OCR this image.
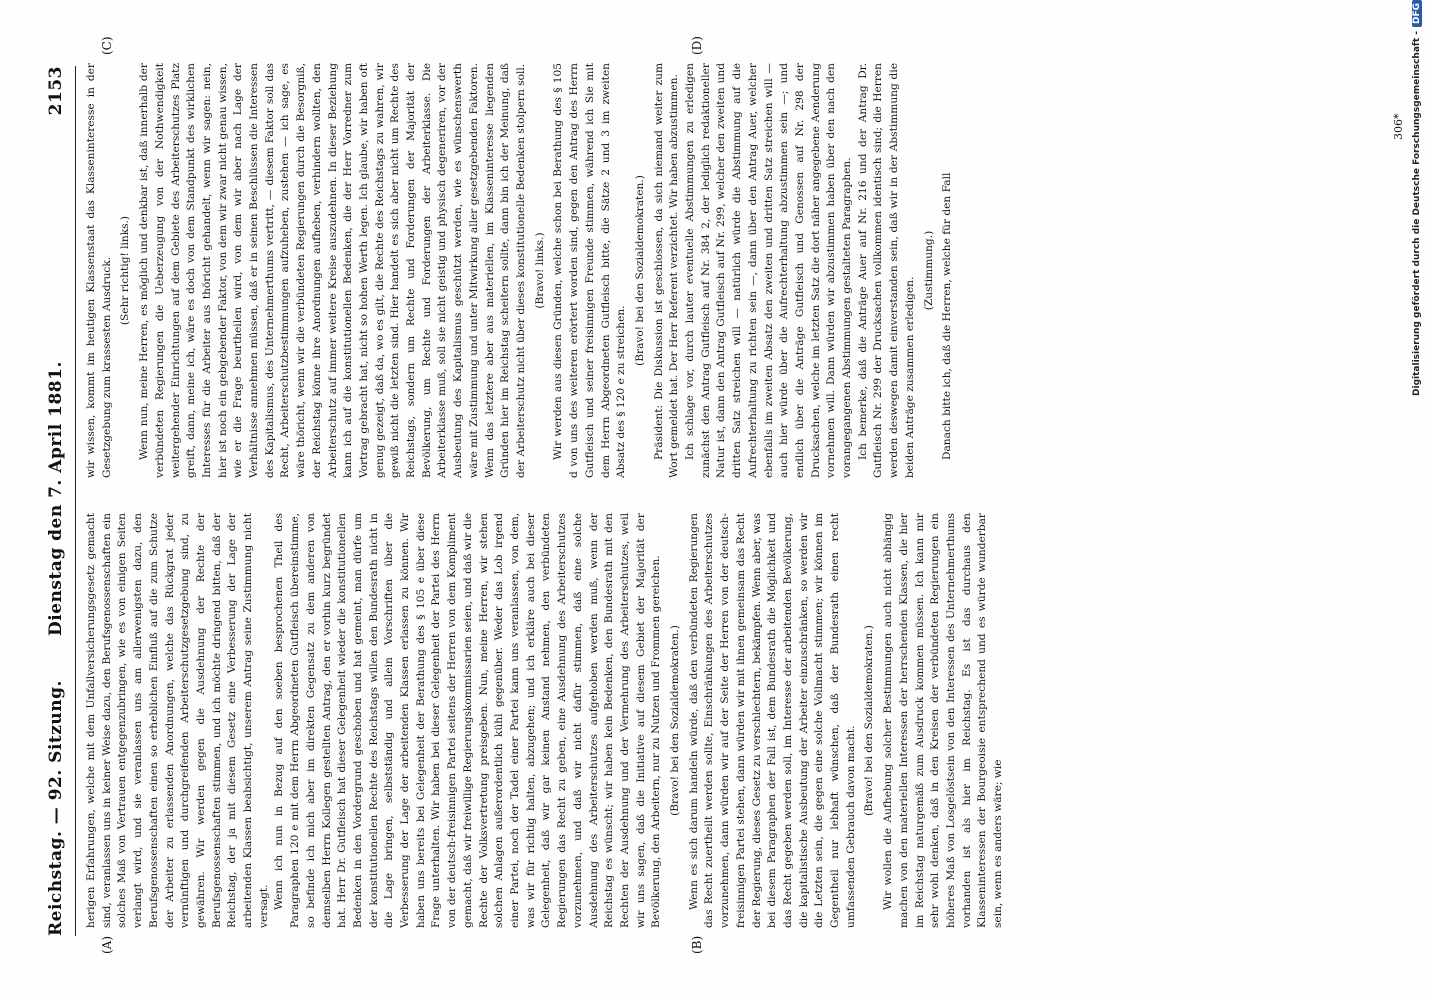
Reichstag. — 92. Sitzung.
Dienstag den 7. April 1881.
2153
(A)	(B)
(C)	(D)

herigen Erfahrungen, welche mit dem Unfallversicherungsgesetz gemacht sind, veranlassen uns in keiner Weise dazu, den Berufsgenossenschaften ein solches Maß von Vertrauen entgegenzubringen, wie es von einigen Seiten verlangt wird, und sie veranlassen uns am allerwenigsten dazu, den Berufsgenossenschaften einen so erheblichen Einfluß auf die zum Schutze der Arbeiter zu erlassenden Anordnungen, welche das Rückgrat jeder vernünftigen und durchgreifenden Arbeiterschutzgesetzgebung sind, zu gewähren. Wir werden gegen die Ausdehnung der Rechte der Berufsgenossenschaften stimmen, und ich möchte dringend bitten, daß der Reichstag, der ja mit diesem Gesetz eine Verbesserung der Lage der arbeitenden Klassen beabsichtigt, unserem Antrag seine Zustimmung nicht versagt. Wenn ich nun in Bezug auf den soeben besprochenen Theil des Paragraphen 120 e mit dem Herrn Abgeordneten Gutfleisch übereinstimme, so befinde ich mich aber im direkten Gegensatz zu dem anderen von demselben Herrn Kollegen gestellten Antrag, den er vorhin kurz begründet hat. Herr Dr. Gutfleisch hat dieser Gelegenheit wieder die konstitutionellen Bedenken in den Vordergrund geschoben und hat gemeint, man dürfe um der konstitutionellen Rechte des Reichstags willen den Bundesrath nicht in die Lage bringen, selbstständig und allein Vorschriften über die Verbesserung der Lage der arbeitenden Klassen erlassen zu können. Wir haben uns bereits bei Gelegenheit der Berathung des § 105 e über diese Frage unterhalten. Wir haben bei dieser Gelegenheit der Partei des Herrn von der deutsch-freisinnigen Partei seitens der Herren von dem Kompliment gemacht, daß wir freiwillige Regierungskommissarien seien, und daß wir die Rechte der Volksvertretung preisgeben. Nun, meine Herren, wir stehen solchen Anlagen außerordentlich kühl gegenüber. Weder das Lob irgend einer Partei, noch der Tadel einer Partei kann uns veranlassen, von dem, was wir für richtig halten, abzugehen; und ich erkläre auch bei dieser Gelegenheit, daß wir gar keinen Anstand nehmen, den verbündeten Regierungen das Recht zu geben, eine Ausdehnung des Arbeiterschutzes vorzunehmen, und daß wir nicht dafür stimmen, daß eine solche Ausdehnung des Arbeiterschutzes aufgehoben werden muß, wenn der Reichstag es wünscht; wir haben kein Bedenken, den Bundesrath mit den Rechten der Ausdehnung und der Vermehrung des Arbeiterschutzes, weil wir uns sagen, daß die Initiative auf diesem Gebiet der Majorität der Bevölkerung, den Arbeitern, nur zu Nutzen und Frommen gereichen. (Bravo! bei den Sozialdemokraten.) Wenn es sich darum handeln würde, daß den verbündeten Regierungen das Recht zuertheilt werden sollte, Einschränkungen des Arbeiterschutzes vorzunehmen, dann würden wir auf der Seite der Herren von der deutsch-freisinnigen Partei stehen, dann würden wir mit ihnen gemeinsam das Recht der Regierung, dieses Gesetz zu verschlechtern, bekämpfen. Wenn aber, was bei diesem Paragraphen der Fall ist, dem Bundesrath die Möglichkeit und das Recht gegeben werden soll, im Interesse der arbeitenden Bevölkerung, die kapitalistische Ausbeutung der Arbeiter einzuschränken, so werden wir die Letzten sein, die gegen eine solche Vollmacht stimmen; wir können im Gegentheil nur lebhaft wünschen, daß der Bundesrath einen recht umfassenden Gebrauch davon macht.

(Bravo! bei den Sozialdemokraten.) Wir wollen die Aufhebung solcher Bestimmungen auch nicht abhängig machen von den materiellen Interessen der herrschenden Klassen, die hier im Reichstag naturgemäß zum Ausdruck kommen müssen. Ich kann mir sehr wohl denken, daß in den Kreisen der verbündeten Regierungen ein höheres Maß von Losgelöstsein von den Interessen des Unternehmerthums vorhanden ist als hier im Reichstag. Es ist das durchaus den Klasseninteressen der Bourgeoisie entsprechend und es würde wunderbar sein, wenn es anders wäre; wie

wir wissen, kommt im heutigen Klassenstaat das Klasseninteresse in der Gesetzgebung zum krassesten Ausdruck. (Sehr richtig! links.) Wenn nun, meine Herren, es möglich und denkbar ist, daß innerhalb der verbündeten Regierungen die Ueberzeugung von der Nothwendigkeit weitergehender Einrichtungen auf dem Gebiete des Arbeiterschutzes Platz greift, dann, meine ich, wäre es doch von dem Standpunkt des wirklichen Interesses für die Arbeiter aus thöricht gehandelt, wenn wir sagen: nein, hier ist noch ein gebgebender Faktor, von dem wir zwar nicht genau wissen, wie er die Frage beurtheilen wird, von dem wir aber nach Lage der Verhältnisse annehmen müssen, daß er in seinen Beschlüssen die Interessen des Kapitalismus, des Unternehmerthums vertritt, — diesem Faktor soll das Recht, Arbeiterschutzbestimmungen aufzuheben, zustehen — ich sage, es wäre thöricht, wenn wir die verbündeten Regierungen durch die Besorgniß, der Reichstag könne ihre Anordnungen aufheben, verhindern wollten, den Arbeiterschutz auf immer weitere Kreise auszudehnen. In dieser Beziehung kann ich auf die konstitutionellen Bedenken, die der Herr Vorredner zum Vortrag gebracht hat, nicht so hohen Werth legen. Ich glaube, wir haben oft genug gezeigt, daß da, wo es gilt, die Rechte des Reichstags zu wahren, wir gewiß nicht die letzten sind. Hier handelt es sich aber nicht um Rechte des Reichstags, sondern um Rechte und Forderungen der Majorität der Bevölkerung, um Rechte und Forderungen der Arbeiterklasse. Die Arbeiterklasse muß, soll sie nicht geistig und physisch degeneriren, vor der Ausbeutung des Kapitalismus geschützt werden, wie es wünschenswerth wäre mit Zustimmung und unter Mitwirkung aller gesetzgebenden Faktoren. Wenn das letztere aber aus materiellen, im Klasseninteresse liegenden Gründen hier im Reichstag scheitern sollte, dann bin ich der Meinung, daß der Arbeiterschutz nicht über dieses konstitutionelle Bedenken stolpern soll. (Bravo! links.) Wir werden aus diesen Gründen, welche schon bei Berathung des § 105 d von uns des weiteren erörtert worden sind, gegen den Antrag des Herrn Gutfleisch und seiner freisinnigen Freunde stimmen, während ich Sie mit dem Herrn Abgeordneten Gutfleisch bitte, die Sätze 2 und 3 im zweiten Absatz des § 120 e zu streichen.

(Bravo! bei den Sozialdemokraten.) Präsident: Die Diskussion ist geschlossen, da sich niemand weiter zum Wort gemeldet hat. Der Herr Referent verzichtet. Wir haben abzustimmen. Ich schlage vor, durch lauter eventuelle Abstimmungen zu erledigen zunächst den Antrag Gutfleisch auf Nr. 384 2, der lediglich redaktioneller Natur ist, dann den Antrag Gutfleisch auf Nr. 299, welcher den zweiten und dritten Satz streichen will — natürlich würde die Abstimmung auf die Aufrechterhaltung zu richten sein —, dann über den Antrag Auer, welcher ebenfalls im zweiten Absatz den zweiten und dritten Satz streichen will — auch hier würde über die Aufrechterhaltung abzustimmen sein —; und endlich über die Anträge Gutfleisch und Genossen auf Nr. 298 der Drucksachen, welche im letzten Satz die dort näher angegebene Aenderung vornehmen will. Dann würden wir abzustimmen haben über den nach den vorangegangenen Abstimmungen gestalteten Paragraphen. Ich bemerke, daß die Anträge Auer auf Nr. 216 und der Antrag Dr. Gutfleisch Nr. 299 der Drucksachen vollkommen identisch sind; die Herren werden deswegen damit einverstanden sein, daß wir in der Abstimmung die beiden Anträge zusammen erledigen.

(Zustimmung.) Danach bitte ich, daß die Herren, welche für den Fall

306* Digitalisierung gefördert durch die Deutsche Forschungsgemeinschaft -DFG
